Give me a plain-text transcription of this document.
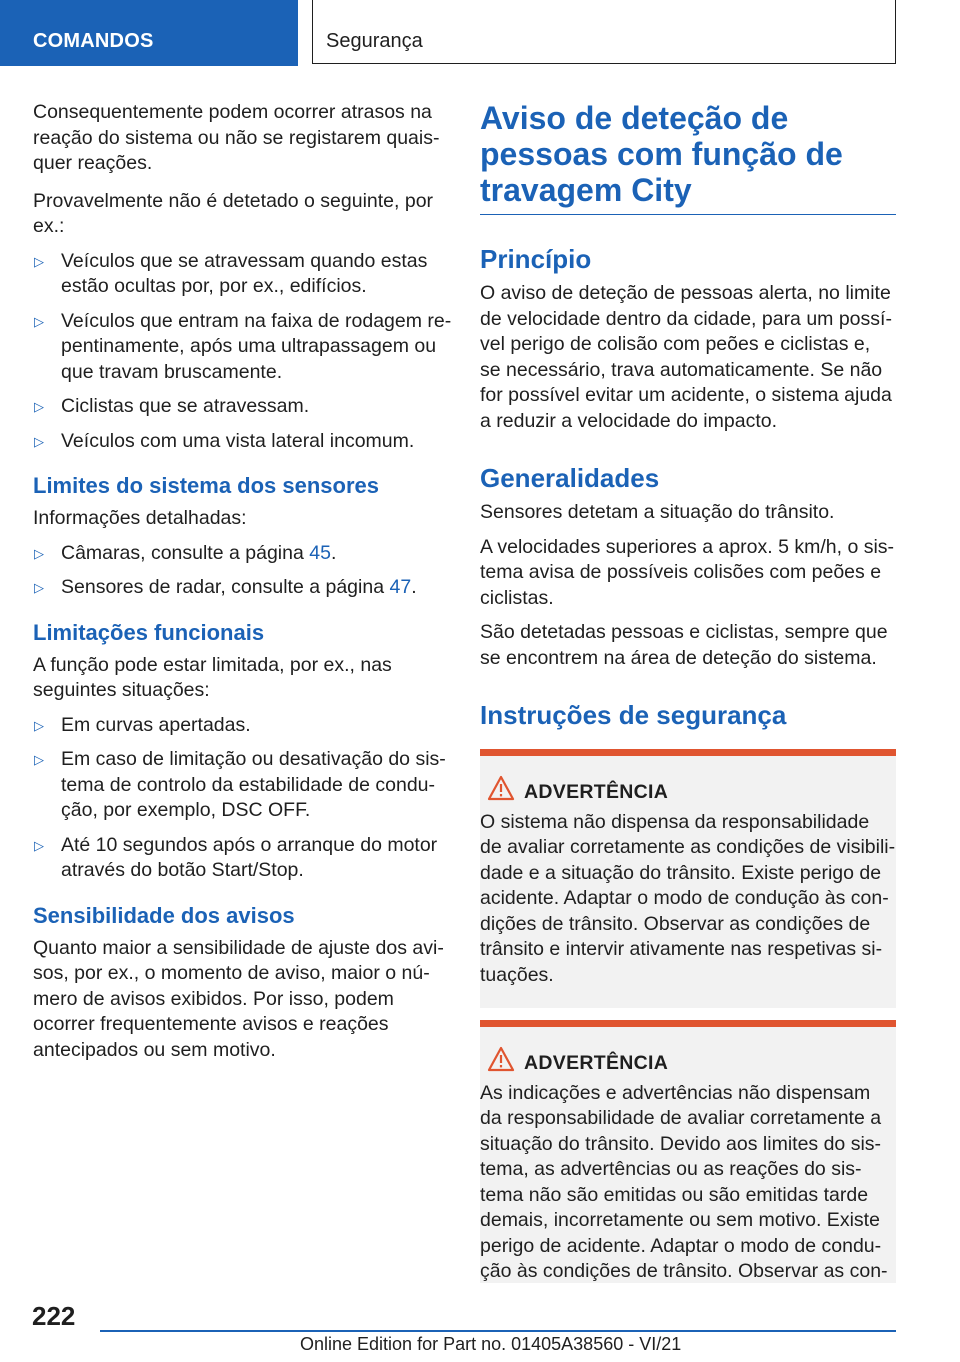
COMANDOS	Segurança

Consequentemente podem ocorrer atrasos na reação do sistema ou não se registarem quaisquer reações.

Provavelmente não é detetado o seguinte, por ex.:

▷ Veículos que se atravessam quando estas estão ocultas por, por ex., edifícios.
▷ Veículos que entram na faixa de rodagem repentinamente, após uma ultrapassagem ou que travam bruscamente.
▷ Ciclistas que se atravessam.
▷ Veículos com uma vista lateral incomum.
Limites do sistema dos sensores

Informações detalhadas:

▷ Câmaras, consulte a página 45.
▷ Sensores de radar, consulte a página 47.
Limitações funcionais

A função pode estar limitada, por ex., nas seguintes situações:

▷ Em curvas apertadas.
▷ Em caso de limitação ou desativação do sistema de controlo da estabilidade de condução, por exemplo, DSC OFF.
▷ Até 10 segundos após o arranque do motor através do botão Start/Stop.
Sensibilidade dos avisos

Quanto maior a sensibilidade de ajuste dos avisos, por ex., o momento de aviso, maior o número de avisos exibidos. Por isso, podem ocorrer frequentemente avisos e reações antecipados ou sem motivo.

Aviso de deteção de pessoas com função de travagem City
Princípio

O aviso de deteção de pessoas alerta, no limite de velocidade dentro da cidade, para um possível perigo de colisão com peões e ciclistas e, se necessário, trava automaticamente. Se não for possível evitar um acidente, o sistema ajuda a reduzir a velocidade do impacto.

Generalidades

Sensores detetam a situação do trânsito.

A velocidades superiores a aprox. 5 km/h, o sistema avisa de possíveis colisões com peões e ciclistas.

São detetadas pessoas e ciclistas, sempre que se encontrem na área de deteção do sistema.

Instruções de segurança
ADVERTÊNCIA

O sistema não dispensa da responsabilidade de avaliar corretamente as condições de visibilidade e a situação do trânsito. Existe perigo de acidente. Adaptar o modo de condução às condições de trânsito. Observar as condições de trânsito e intervir ativamente nas respetivas situações.

ADVERTÊNCIA

As indicações e advertências não dispensam da responsabilidade de avaliar corretamente a situação do trânsito. Devido aos limites do sistema, as advertências ou as reações do sistema não são emitidas ou são emitidas tarde demais, incorretamente ou sem motivo. Existe perigo de acidente. Adaptar o modo de condução às condições de trânsito. Observar as con-

222
Online Edition for Part no. 01405A38560 - VI/21
